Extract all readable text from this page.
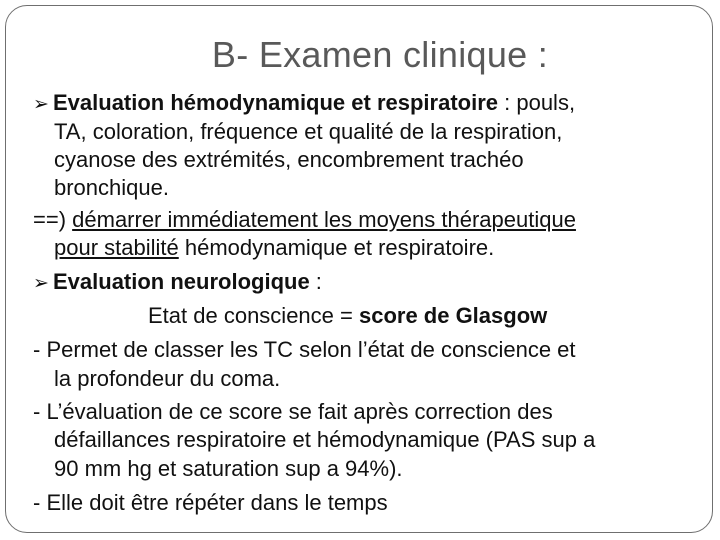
B- Examen clinique :
➢ Evaluation hémodynamique et respiratoire : pouls,
TA, coloration, fréquence et qualité de la respiration,
cyanose des extrémités, encombrement trachéo
bronchique.
==) démarrer immédiatement les moyens thérapeutique
pour stabilité hémodynamique et respiratoire.
➢ Evaluation neurologique :
Etat de conscience = score de Glasgow
- Permet de classer les TC selon l’état de conscience et
la profondeur du coma.
- L’évaluation de ce score se fait après correction des
défaillances respiratoire et hémodynamique (PAS sup a
90 mm hg et saturation sup a 94%).
- Elle doit être répéter dans le temps
